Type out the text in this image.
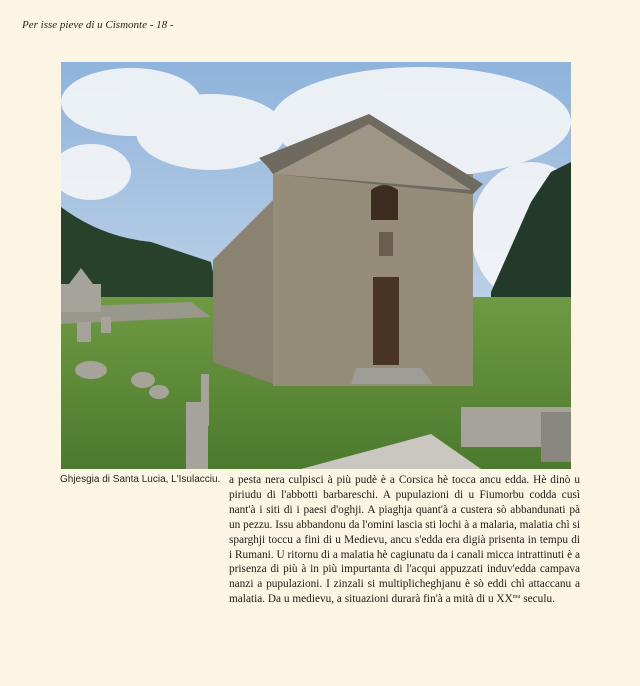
Per isse pieve di u Cismonte - 18 -
Ghjesgia di Santa Lucia, L'Isulacciu. a pesta nera culpisci à più pudè è a Corsica hè tocca ancu edda. Hè dinò u piriudu di l'abbotti barbareschi. A pupulazioni di u Fiumorbu codda cusì nant'à i siti di i paesi d'oghji. A piaghja quant'à a custera sò abbandunati pà un pezzu. Issu abbandonu da l'omini lascia sti lochi à a malaria, malatia chì si sparghji toccu a fini di u Medievu, ancu s'edda era digià prisenta in tempu di i Rumani. U ritornu di a malatia hè cagiunatu da i canali micca intrattinuti è a prisenza di più à in più impurtanta di l'acqui appuzzati induv'edda campava nanzi a pupulazioni. I zinzali si multiplicheghjanu è sò eddi chì attaccanu a malatia. Da u medievu, a situazioni durarà fin'à a mità di u $XX^{mu}$ seculu.
